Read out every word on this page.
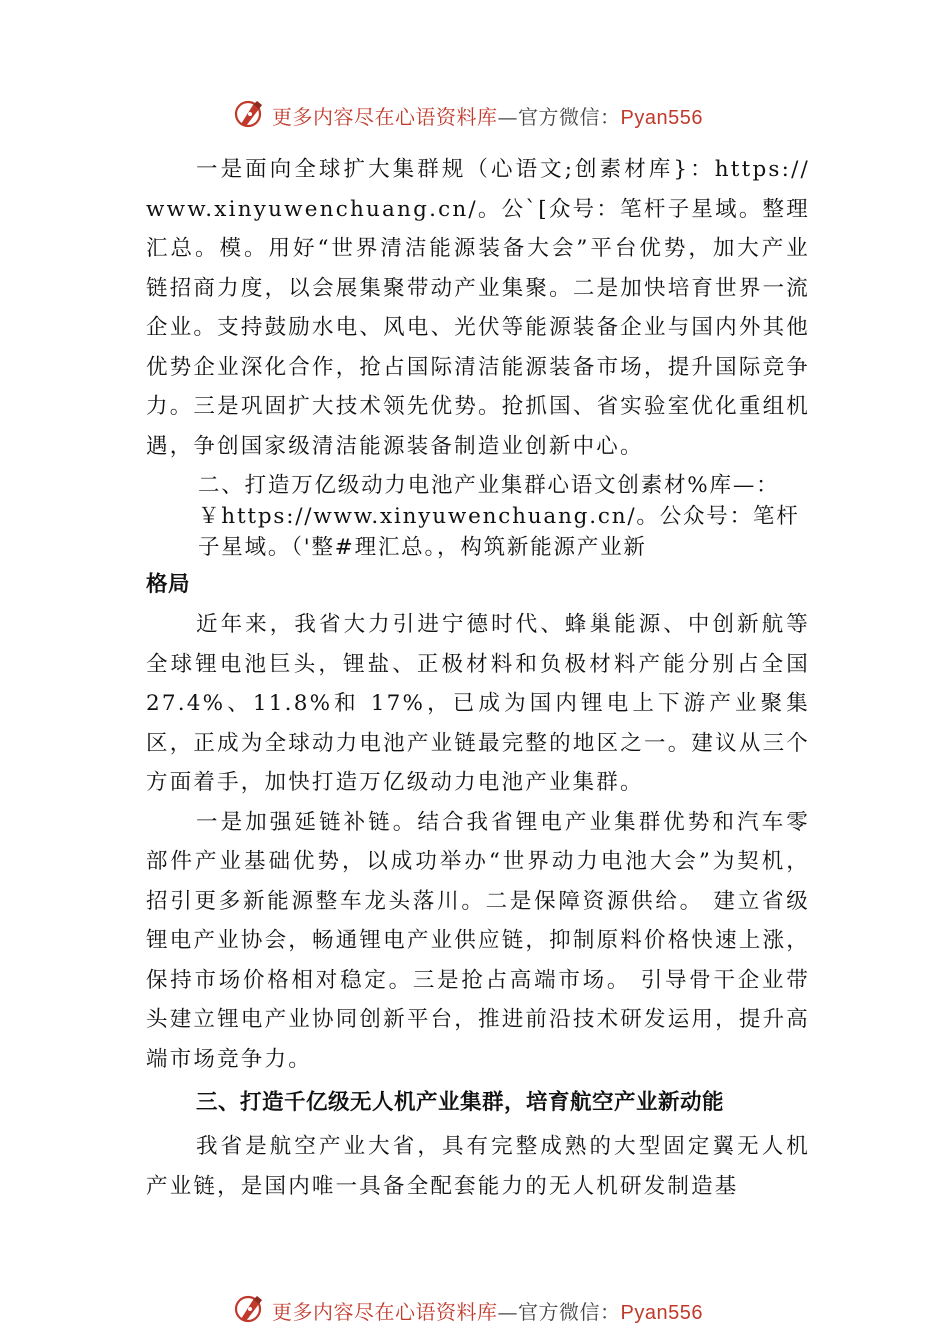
更多内容尽在心语资料库—官方微信：Pyan556

一是面向全球扩大集群规（心语文;创素材库}：https://www.xinyuwenchuang.cn/。公`[众号：笔杆子星域。整理汇总。模。用好“世界清洁能源装备大会”平台优势，加大产业链招商力度，以会展集聚带动产业集聚。二是加快培育世界一流企业。支持鼓励水电、风电、光伏等能源装备企业与国内外其他优势企业深化合作，抢占国际清洁能源装备市场，提升国际竞争力。三是巩固扩大技术领先优势。抢抓国、省实验室优化重组机遇，争创国家级清洁能源装备制造业创新中心。

二、打造万亿级动力电池产业集群心语文创素材%库—：￥https://www.xinyuwenchuang.cn/。公众号：笔杆子星域。（'整#理汇总。，构筑新能源产业新

格局

近年来，我省大力引进宁德时代、蜂巢能源、中创新航等全球锂电池巨头，锂盐、正极材料和负极材料产能分别占全国 27.4%、11.8%和 17%，已成为国内锂电上下游产业聚集区，正成为全球动力电池产业链最完整的地区之一。建议从三个方面着手，加快打造万亿级动力电池产业集群。

一是加强延链补链。结合我省锂电产业集群优势和汽车零部件产业基础优势，以成功举办“世界动力电池大会”为契机，招引更多新能源整车龙头落川。二是保障资源供给。 建立省级锂电产业协会，畅通锂电产业供应链，抑制原料价格快速上涨，保持市场价格相对稳定。三是抢占高端市场。 引导骨干企业带头建立锂电产业协同创新平台，推进前沿技术研发运用，提升高端市场竞争力。

三、打造千亿级无人机产业集群，培育航空产业新动能

我省是航空产业大省，具有完整成熟的大型固定翼无人机产业链，是国内唯一具备全配套能力的无人机研发制造基

更多内容尽在心语资料库—官方微信：Pyan556
